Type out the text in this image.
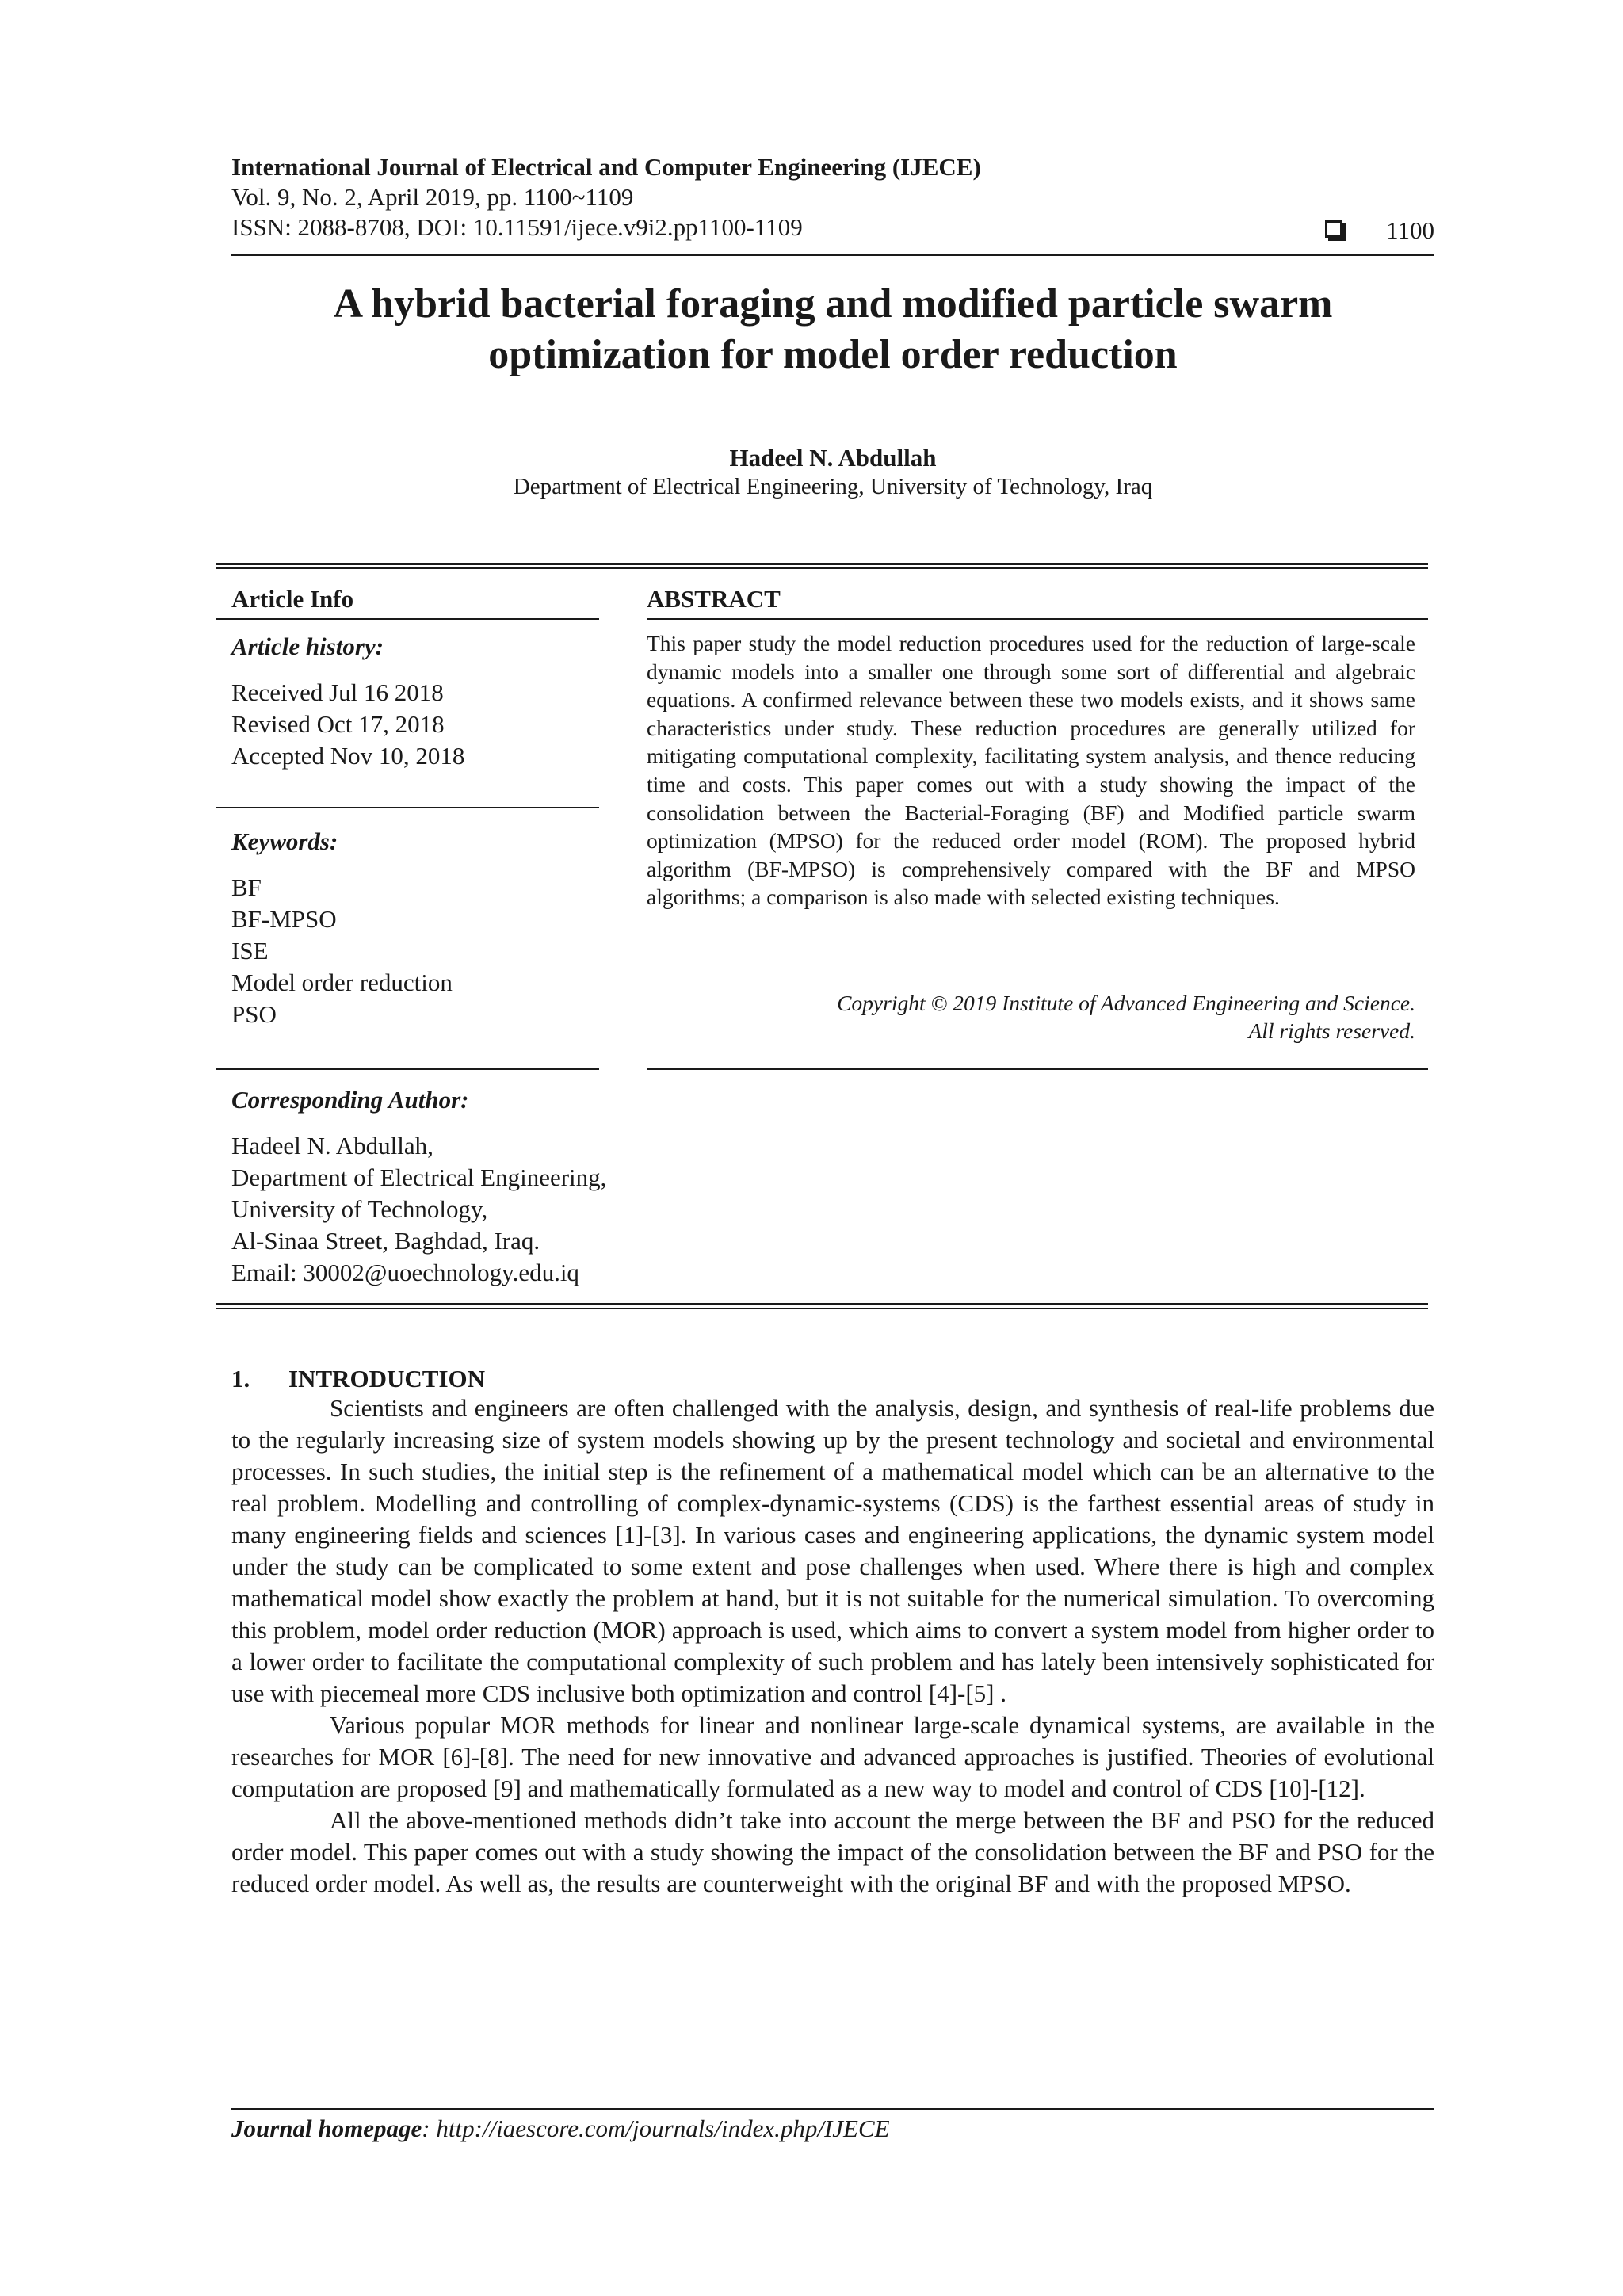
International Journal of Electrical and Computer Engineering (IJECE)
Vol. 9, No. 2, April 2019, pp. 1100~1109
ISSN: 2088-8708, DOI: 10.11591/ijece.v9i2.pp1100-1109	1100
A hybrid bacterial foraging and modified particle swarm
optimization for model order reduction
Hadeel N. Abdullah
Department of Electrical Engineering, University of Technology, Iraq
Article Info
Article history:
Received Jul 16 2018
Revised Oct 17, 2018
Accepted Nov 10, 2018
Keywords:
BF
BF-MPSO
ISE
Model order reduction
PSO
ABSTRACT
This paper study the model reduction procedures used for the reduction of large-scale dynamic models into a smaller one through some sort of differential and algebraic equations. A confirmed relevance between these two models exists, and it shows same characteristics under study. These reduction procedures are generally utilized for mitigating computational complexity, facilitating system analysis, and thence reducing time and costs. This paper comes out with a study showing the impact of the consolidation between the Bacterial-Foraging (BF) and Modified particle swarm optimization (MPSO) for the reduced order model (ROM). The proposed hybrid algorithm (BF-MPSO) is comprehensively compared with the BF and MPSO algorithms; a comparison is also made with selected existing techniques.
Copyright © 2019 Institute of Advanced Engineering and Science.
All rights reserved.
Corresponding Author:
Hadeel N. Abdullah,
Department of Electrical Engineering,
University of Technology,
Al-Sinaa Street, Baghdad, Iraq.
Email: 30002@uoechnology.edu.iq
1. INTRODUCTION

Scientists and engineers are often challenged with the analysis, design, and synthesis of real-life problems due to the regularly increasing size of system models showing up by the present technology and societal and environmental processes. In such studies, the initial step is the refinement of a mathematical model which can be an alternative to the real problem. Modelling and controlling of complex-dynamic-systems (CDS) is the farthest essential areas of study in many engineering fields and sciences [1]-[3]. In various cases and engineering applications, the dynamic system model under the study can be complicated to some extent and pose challenges when used. Where there is high and complex mathematical model show exactly the problem at hand, but it is not suitable for the numerical simulation. To overcoming this problem, model order reduction (MOR) approach is used, which aims to convert a system model from higher order to a lower order to facilitate the computational complexity of such problem and has lately been intensively sophisticated for use with piecemeal more CDS inclusive both optimization and control [4]-[5] .

Various popular MOR methods for linear and nonlinear large-scale dynamical systems, are available in the researches for MOR [6]-[8]. The need for new innovative and advanced approaches is justified. Theories of evolutional computation are proposed [9] and mathematically formulated as a new way to model and control of CDS [10]-[12].

All the above-mentioned methods didn’t take into account the merge between the BF and PSO for the reduced order model. This paper comes out with a study showing the impact of the consolidation between the BF and PSO for the reduced order model. As well as, the results are counterweight with the original BF and with the proposed MPSO.

Journal homepage: http://iaescore.com/journals/index.php/IJECE
